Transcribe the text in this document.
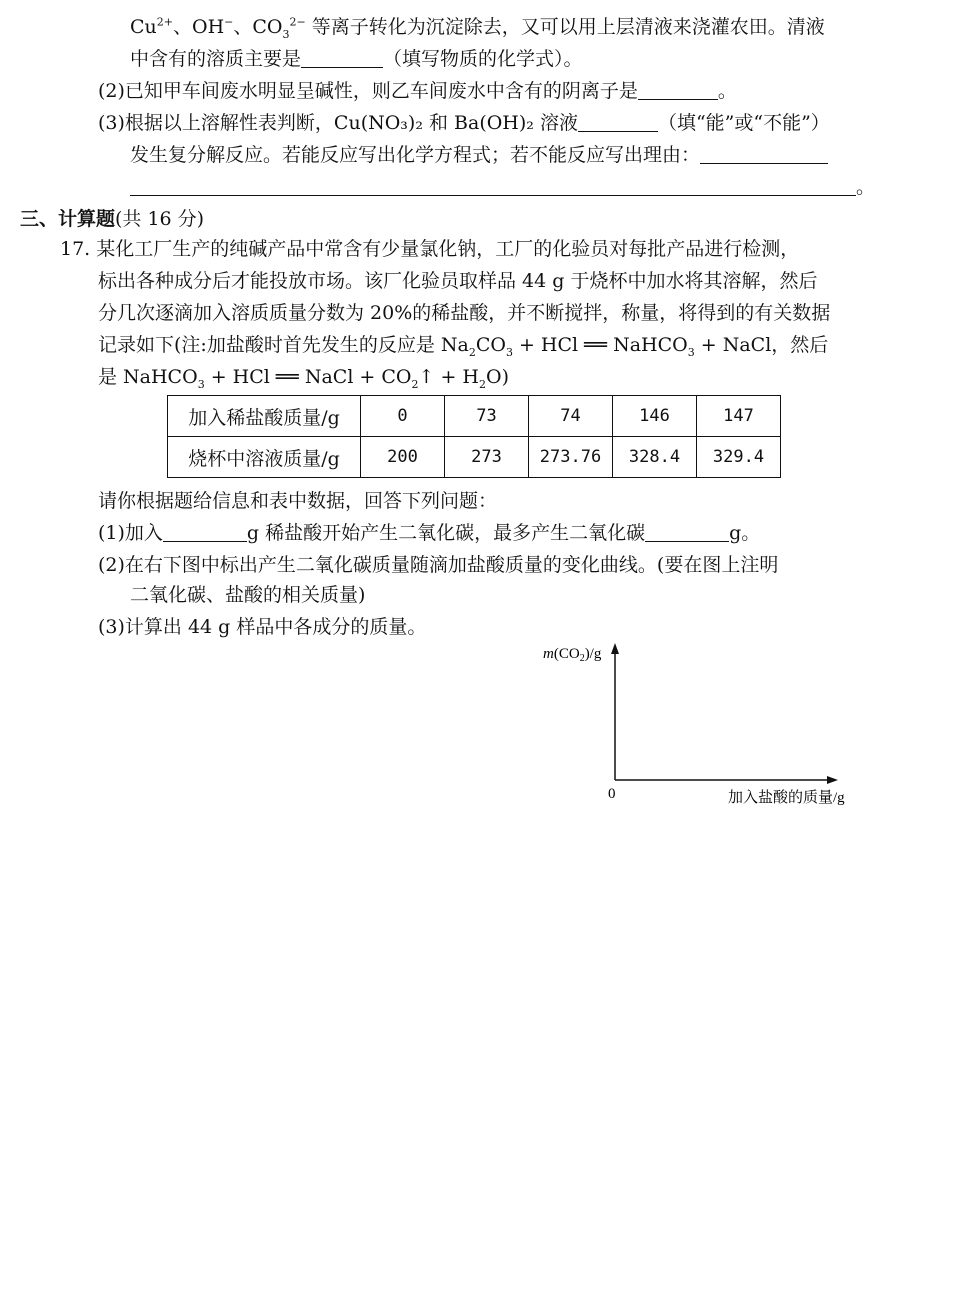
$Cu^{2+}$、OH−、$CO_3^{2-}$ 等离子转化为沉淀除去，又可以用上层清液来浇灌农田。清液
中含有的溶质主要是	（填写物质的化学式）。
(2)已知甲车间废水明显呈碱性，则乙车间废水中含有的阴离子是	。
(3)根据以上溶解性表判断，Cu(NO₃)₂ 和 Ba(OH)₂ 溶液	（填“能”或“不能”）
发生复分解反应。若能反应写出化学方程式；若不能反应写出理由：
。
三、计算题(共 16 分)
17. 某化工厂生产的纯碱产品中常含有少量氯化钠，工厂的化验员对每批产品进行检测，
标出各种成分后才能投放市场。该厂化验员取样品 44 g 于烧杯中加水将其溶解，然后
分几次逐滴加入溶质质量分数为 20%的稀盐酸，并不断搅拌，称量，将得到的有关数据
记录如下(注:加盐酸时首先发生的反应是 $Na_2CO_3$ + HCl ══ NaHCO$_3$ + NaCl，然后
是 NaHCO$_3$ + HCl ══ NaCl + $CO_2↑ + H_2O$)
加入稀盐酸质量/g	0	73	74	146	147
烧杯中溶液质量/g	200	273	273.76	328.4	329.4
请你根据题给信息和表中数据，回答下列问题：
(1)加入	g 稀盐酸开始产生二氧化碳，最多产生二氧化碳	g。
(2)在右下图中标出产生二氧化碳质量随滴加盐酸质量的变化曲线。(要在图上注明
二氧化碳、盐酸的相关质量)
(3)计算出 44 g 样品中各成分的质量。
$m(CO_2)/g$
0	加入盐酸的质量/g
